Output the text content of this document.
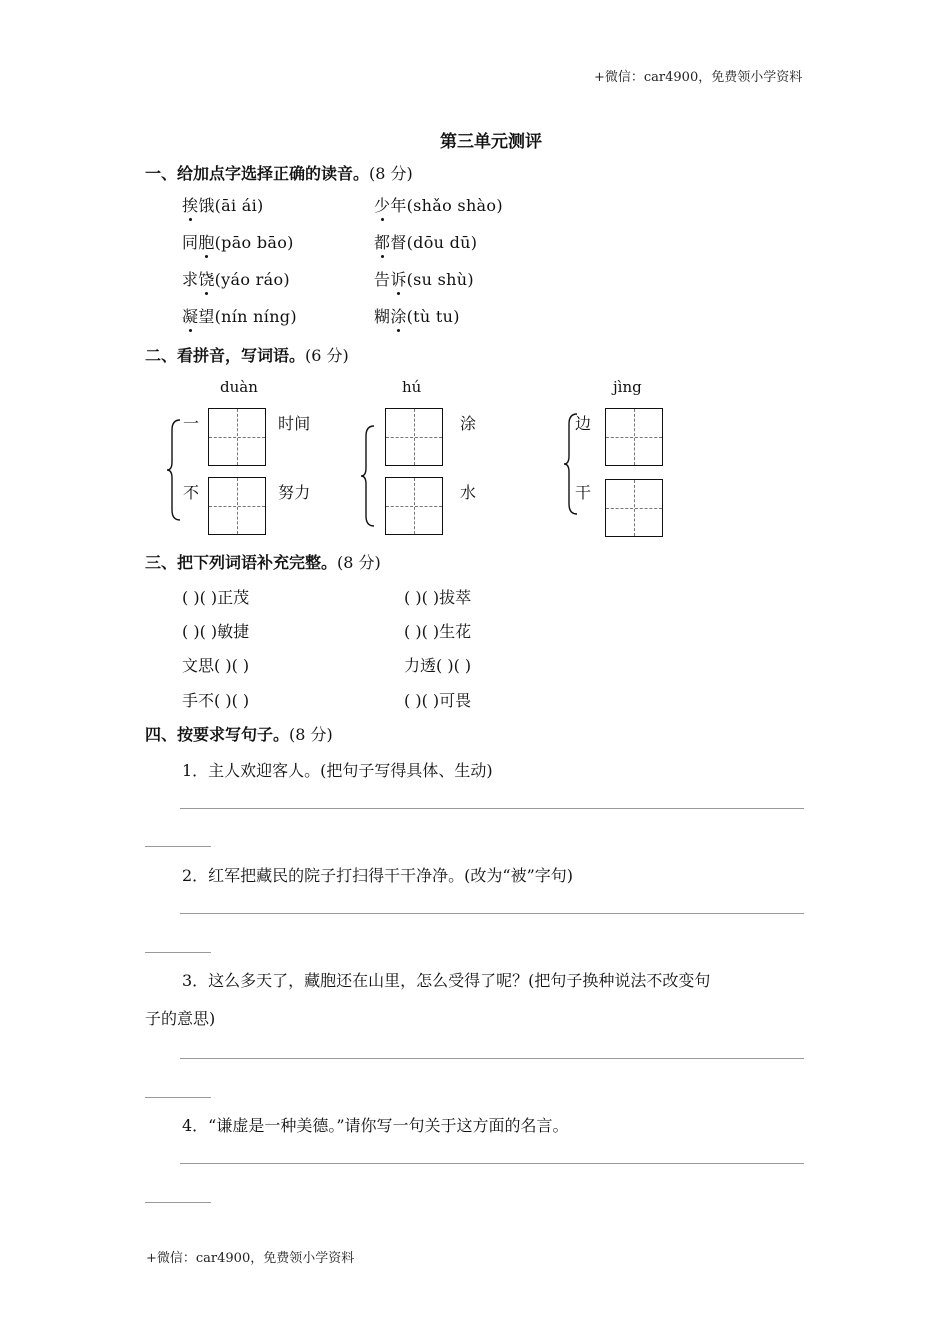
+微信：car4900，免费领小学资料
+微信：car4900，免费领小学资料
第三单元测评
一、给加点字选择正确的读音。(8 分)
挨饿(āi ái)	少年(shǎo shào)
同胞(pāo bāo)	都督(dōu dū)
求饶(yáo ráo)	告诉(su shù)
凝望(nín níng)	糊涂(tù tu)
二、看拼音，写词语。(6 分)
duàn
一	时间
不	努力
hú
涂
水
jìng
边
干
三、把下列词语补充完整。(8 分)
( )( )正茂	( )( )拔萃
( )( )敏捷	( )( )生花
文思( )( )	力透( )( )
手不( )( )	( )( )可畏
四、按要求写句子。(8 分)
1．主人欢迎客人。(把句子写得具体、生动)
2．红军把藏民的院子打扫得干干净净。(改为“被”字句)
3．这么多天了，藏胞还在山里，怎么受得了呢？(把句子换种说法不改变句
子的意思)
4．“谦虚是一种美德。”请你写一句关于这方面的名言。
